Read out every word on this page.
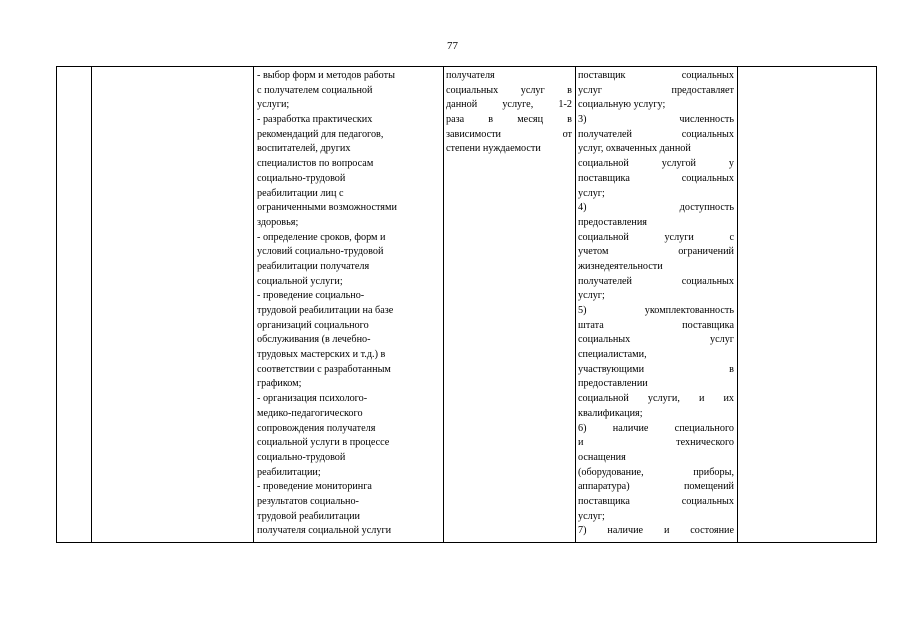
77
- выбор форм и методов работы
с получателем социальной
услуги;
- разработка практических
рекомендаций для педагогов,
воспитателей, других
специалистов по вопросам
социально-трудовой
реабилитации лиц с
ограниченными возможностями
здоровья;
- определение сроков, форм и
условий социально-трудовой
реабилитации получателя
социальной услуги;
- проведение социально-
трудовой реабилитации на базе
организаций социального
обслуживания (в лечебно-
трудовых мастерских и т.д.) в
соответствии с разработанным
графиком;
- организация психолого-
медико-педагогического
сопровождения получателя
социальной услуги в процессе
социально-трудовой
реабилитации;
- проведение мониторинга
результатов социально-
трудовой реабилитации
получателя социальной услуги
получателя
социальных услуг в
данной услуге, 1-2
раза в месяц в
зависимости от
степени нуждаемости
поставщик социальных
услуг предоставляет
социальную услугу;
3) численность
получателей социальных
услуг, охваченных данной
социальной услугой у
поставщика социальных
услуг;
4) доступность
предоставления
социальной услуги с
учетом ограничений
жизнедеятельности
получателей социальных
услуг;
5) укомплектованность
штата поставщика
социальных услуг
специалистами,
участвующими в
предоставлении
социальной услуги, и их
квалификация;
6) наличие специального
и технического
оснащения
(оборудование, приборы,
аппаратура) помещений
поставщика социальных
услуг;
7) наличие и состояние
